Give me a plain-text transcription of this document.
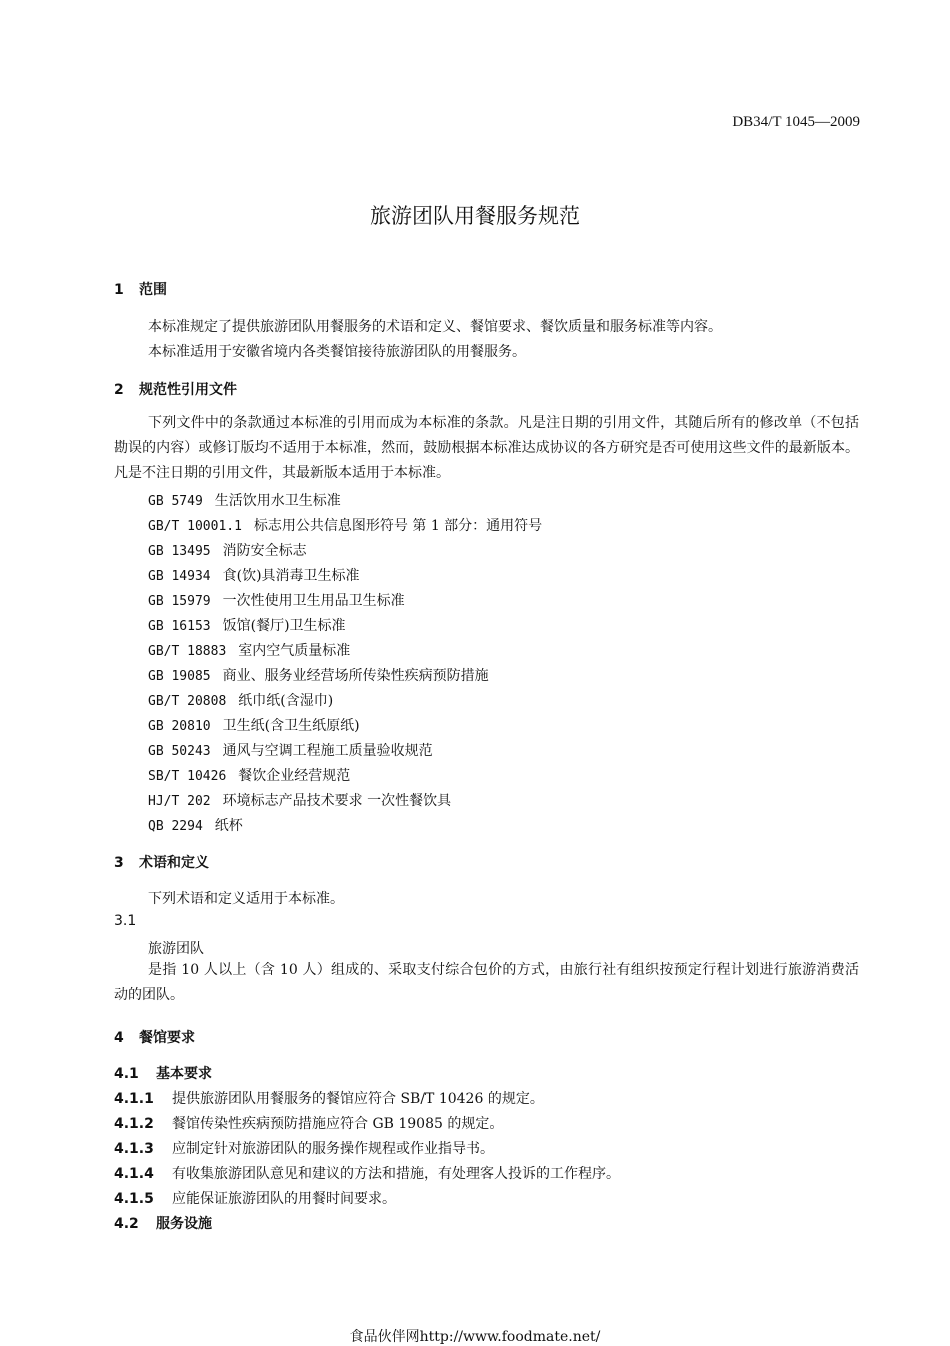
DB34/T 1045—2009
旅游团队用餐服务规范
1 范围
本标准规定了提供旅游团队用餐服务的术语和定义、餐馆要求、餐饮质量和服务标准等内容。
本标准适用于安徽省境内各类餐馆接待旅游团队的用餐服务。
2 规范性引用文件
下列文件中的条款通过本标准的引用而成为本标准的条款。凡是注日期的引用文件，其随后所有的修改单（不包括勘误的内容）或修订版均不适用于本标准，然而，鼓励根据本标准达成协议的各方研究是否可使用这些文件的最新版本。凡是不注日期的引用文件，其最新版本适用于本标准。
GB 5749 生活饮用水卫生标准
GB/T 10001.1 标志用公共信息图形符号 第 1 部分：通用符号
GB 13495 消防安全标志
GB 14934 食(饮)具消毒卫生标准
GB 15979 一次性使用卫生用品卫生标准
GB 16153 饭馆(餐厅)卫生标准
GB/T 18883 室内空气质量标准
GB 19085 商业、服务业经营场所传染性疾病预防措施
GB/T 20808 纸巾纸(含湿巾)
GB 20810 卫生纸(含卫生纸原纸)
GB 50243 通风与空调工程施工质量验收规范
SB/T 10426 餐饮企业经营规范
HJ/T 202 环境标志产品技术要求 一次性餐饮具
QB 2294 纸杯
3 术语和定义
下列术语和定义适用于本标准。
3.1
旅游团队
是指 10 人以上（含 10 人）组成的、采取支付综合包价的方式，由旅行社有组织按预定行程计划进行旅游消费活动的团队。
4 餐馆要求
4.1 基本要求
4.1.1 提供旅游团队用餐服务的餐馆应符合 SB/T 10426 的规定。
4.1.2 餐馆传染性疾病预防措施应符合 GB 19085 的规定。
4.1.3 应制定针对旅游团队的服务操作规程或作业指导书。
4.1.4 有收集旅游团队意见和建议的方法和措施，有处理客人投诉的工作程序。
4.1.5 应能保证旅游团队的用餐时间要求。
4.2 服务设施
食品伙伴网http://www.foodmate.net/
